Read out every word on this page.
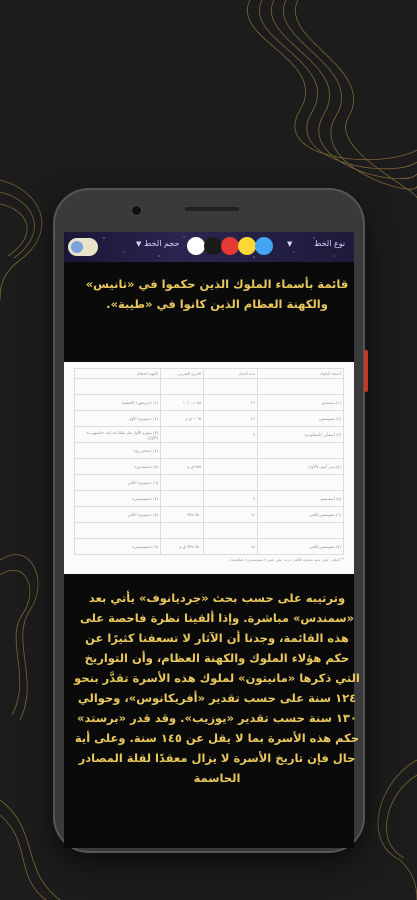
حجم الخط
▼	▼	نوع الخط
قائمة بأسماء الملوك الذين حكموا في «تانيس» والكهنة العظام الذين كانوا في «طيبة».
أسماء الملوك	مدة الحكم	التاريخ التقريبي	الكهنة العظام

(١) سمندس	٢٦	١٠٨٥–١٠٦٠	(١) «حريحور» (الحفيد)
(٢) بسوسنس	٤٦	١٠٦٥ ق.م	(٢) «بينوزم» الأول
(٣) أمنمأبي (أمنمأوبت)	٩		(٣) بينوزم الأول صار ملكا بعد ابنه «ماسهرت» (الأول)
			(٤) «منخبر رع»
(٤) سي أمون (الأول)		٩٧٥ ق.م	(٥) «سمندس»
			(٦) «بينوزم» الثاني
(٥) أمنمنيسو	٩		(٧) «بسوسنس»
(٦) بسوسنس الثاني	١٤	٩٥٠–٩٣٥	(٨) «بينوزم» الثاني

(٧) بسوسنس الثاني	١٥	٩٥٠–٩٣٥ ق.م	(٩) «بسوسنس»
* (انظر: على نحو نحتمل فأكثر جرت على عمر «بسوسنس» مناقصة).
وترتيبه على حسب بحث «جرديانوف» يأتي بعد «سمندس» مباشرة. وإذا ألقينا نظرة فاحصة على هذه القائمة، وجدنا أن الآثار لا تسعفنا كثيرًا عن حكم هؤلاء الملوك والكهنة العظام، وأن التواريخ التي ذكرها «مانيتون» لملوك هذه الأسرة تقدَّر بنحو ١٢٤ سنة على حسب تقدير «أفريكانوس»، وحوالي ١٣٠ سنة حسب تقدير «يوزيب». وقد قدر «برستد» حكم هذه الأسرة بما لا يقل عن ١٤٥ سنة. وعلى أية حال فإن تاريخ الأسرة لا يزال معقدًا لقلة المصادر الحاسمة
